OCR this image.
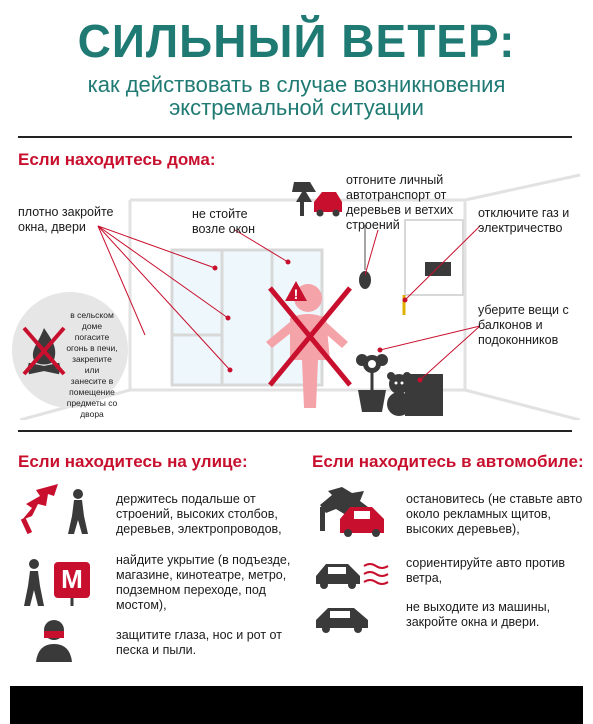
СИЛЬНЫЙ ВЕТЕР:
как действовать в случае возникновения
экстремальной ситуации
Если находитесь дома:
!
плотно закройте
окна, двери
не стойте
возле окон
отгоните личный
автотранспорт от
деревьев и ветхих
строений
отключите газ и
электричество
уберите вещи с
балконов и
подоконников
в сельском
доме погасите
огонь в печи,
закрепите или
занесите в
помещение
предметы со
двора
Если находитесь на улице:
держитесь подальше от
строений, высоких столбов,
деревьев, электропроводов,
М
найдите укрытие (в подъезде,
магазине, кинотеатре, метро,
подземном переходе, под
мостом),
защитите глаза, нос и рот от
песка и пыли.
Если находитесь в автомобиле:
остановитесь (не ставьте авто
около рекламных щитов,
высоких деревьев),
сориентируйте авто против
ветра,
не выходите из машины,
закройте окна и двери.
